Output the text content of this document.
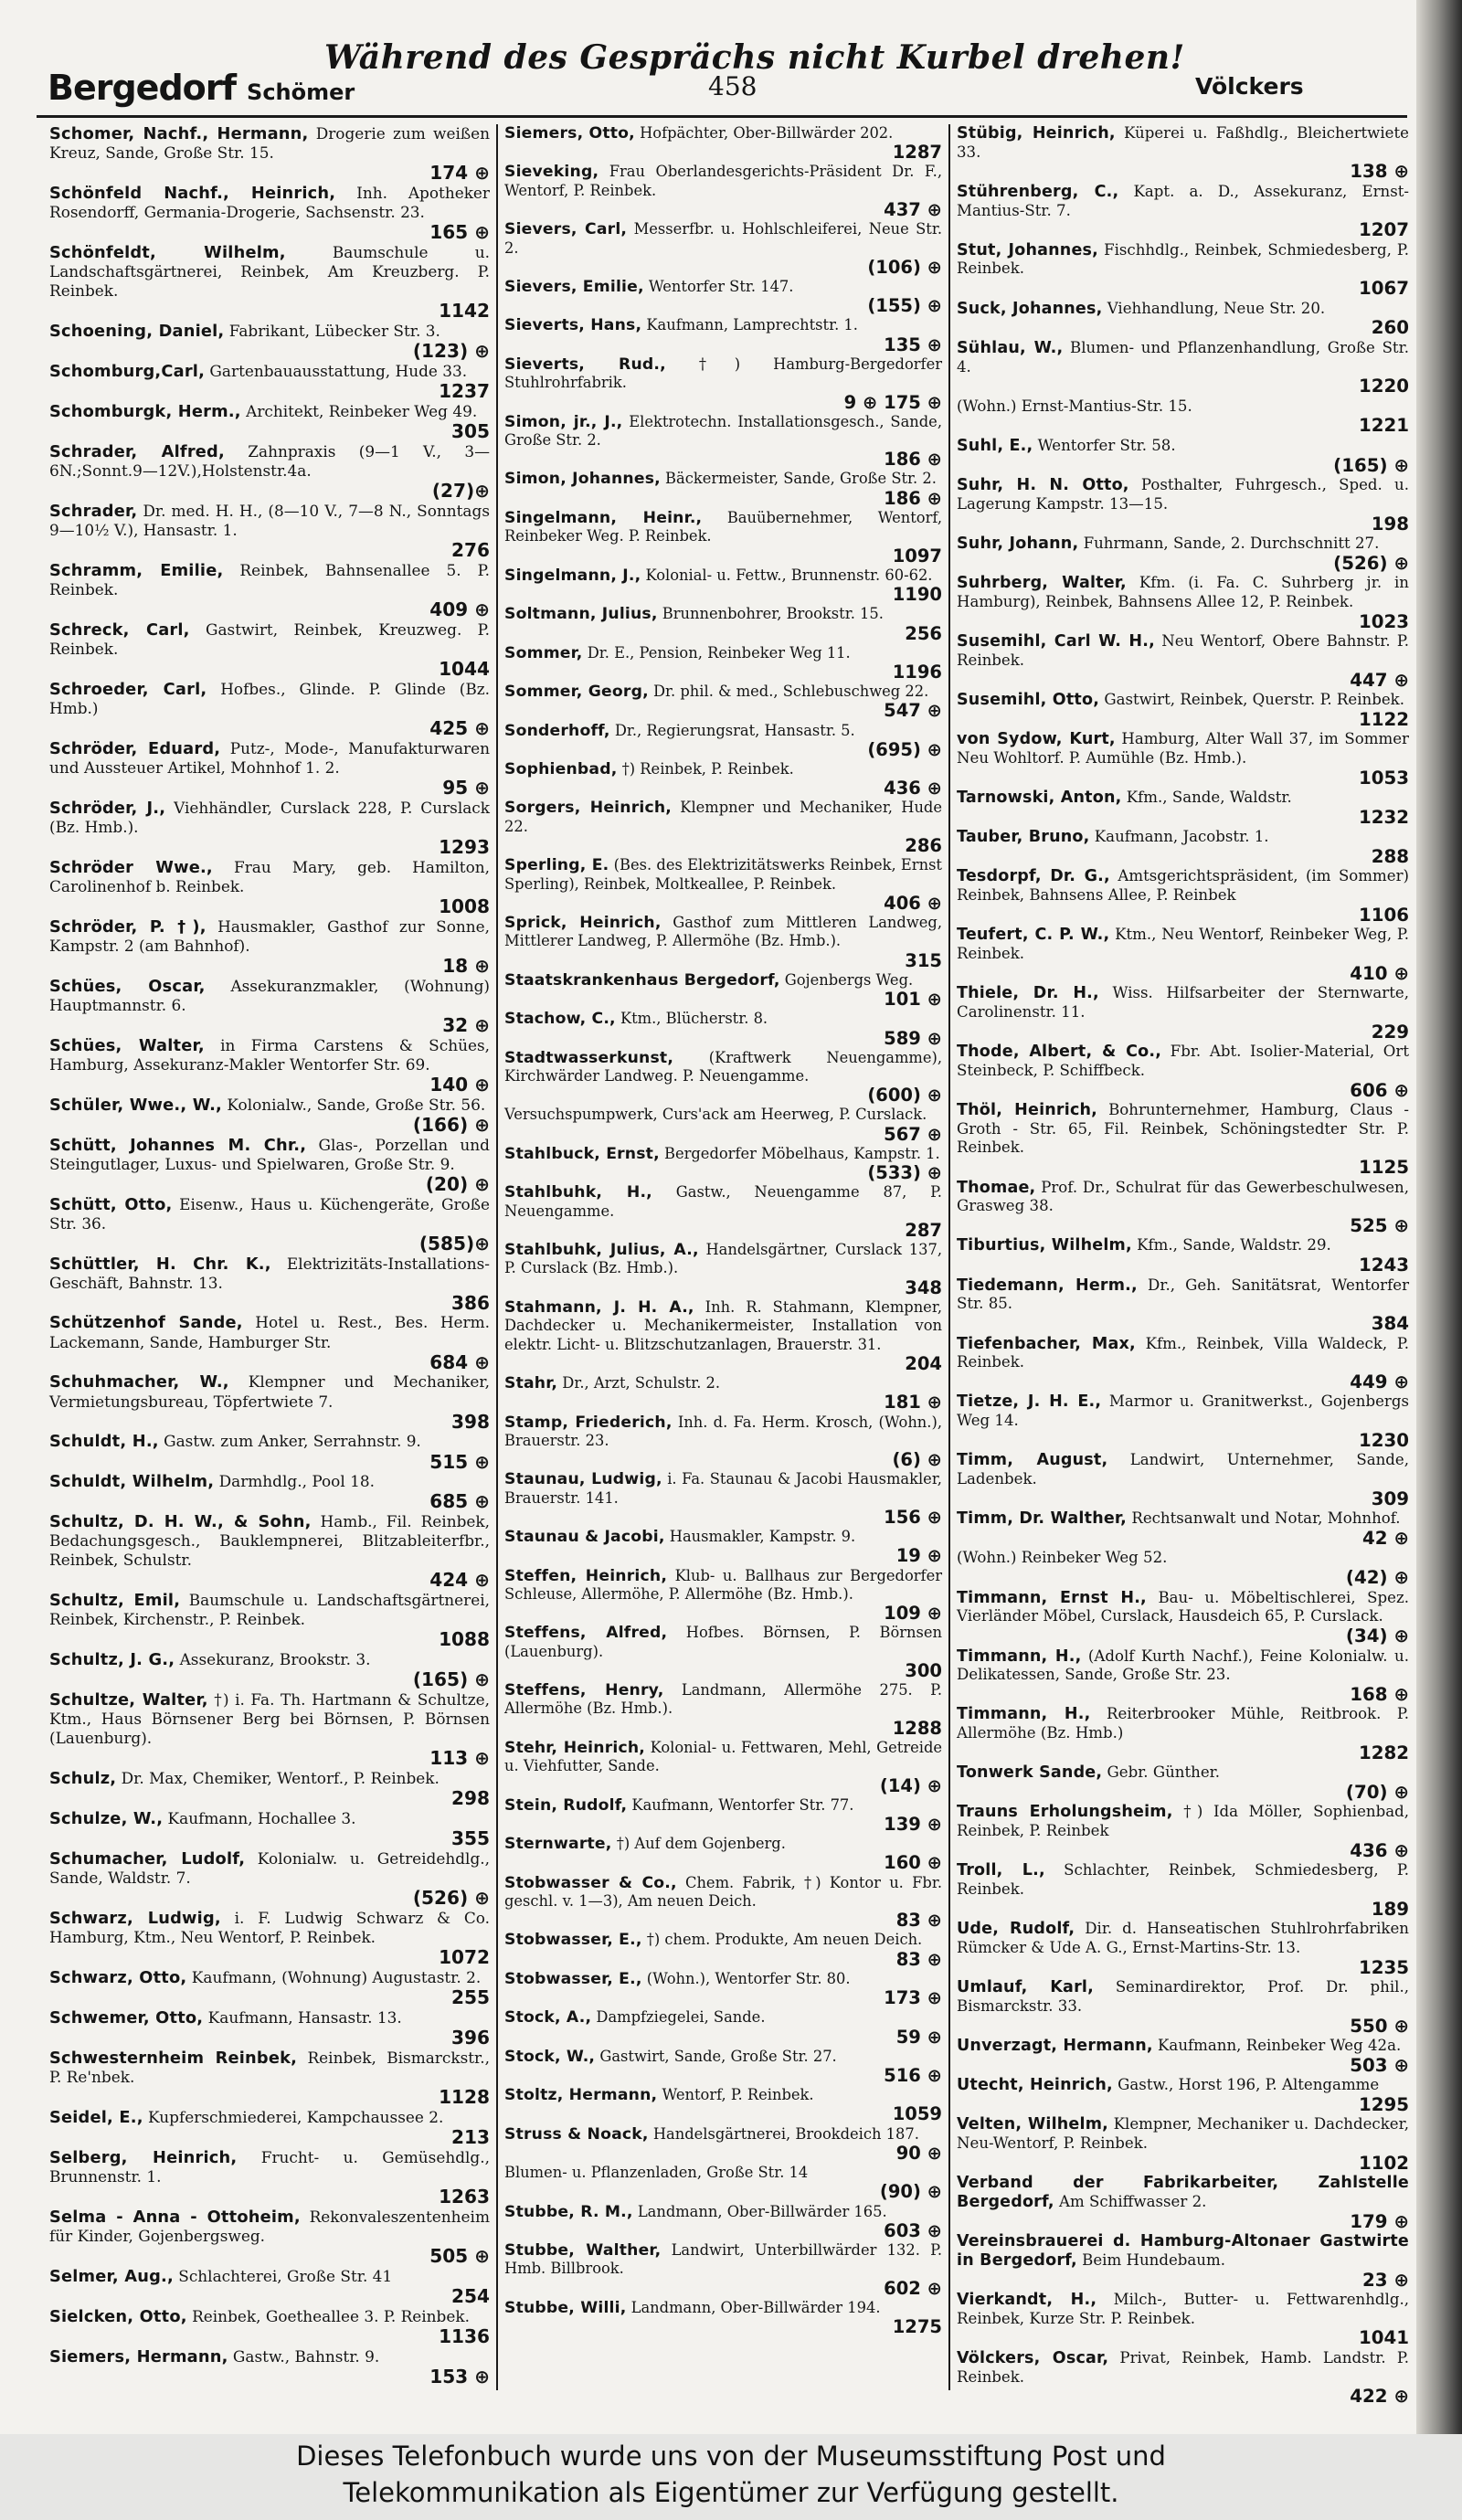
Bergedorf Schömer
Während des Gesprächs nicht Kurbel drehen!
458	Völckers
Schomer, Nachf., Hermann, Drogerie zum weißen Kreuz, Sande, Große Str. 15.
174 ⊕
Schönfeld Nachf., Heinrich, Inh. Apotheker Rosendorff, Germania-Drogerie, Sachsenstr. 23.
165 ⊕
Schönfeldt, Wilhelm, Baumschule u. Landschaftsgärtnerei, Reinbek, Am Kreuzberg. P. Reinbek.
1142
Schoening, Daniel, Fabrikant, Lübecker Str. 3.
(123) ⊕
Schomburg,Carl, Gartenbauausstattung, Hude 33.
1237
Schomburgk, Herm., Architekt, Reinbeker Weg 49.
305
Schrader, Alfred, Zahnpraxis (9—1 V., 3—6N.;Sonnt.9—12V.),Holstenstr.4a.
(27)⊕
Schrader, Dr. med. H. H., (8—10 V., 7—8 N., Sonntags 9—10½ V.), Hansastr. 1.
276
Schramm, Emilie, Reinbek, Bahnsenallee 5. P. Reinbek.
409 ⊕
Schreck, Carl, Gastwirt, Reinbek, Kreuzweg. P. Reinbek.
1044
Schroeder, Carl, Hofbes., Glinde. P. Glinde (Bz. Hmb.)
425 ⊕
Schröder, Eduard, Putz-, Mode-, Manufakturwaren und Aussteuer Artikel, Mohnhof 1. 2.
95 ⊕
Schröder, J., Viehhändler, Curslack 228, P. Curslack (Bz. Hmb.).
1293
Schröder Wwe., Frau Mary, geb. Hamilton, Carolinenhof b. Reinbek.
1008
Schröder, P. †), Hausmakler, Gasthof zur Sonne, Kampstr. 2 (am Bahnhof).
18 ⊕
Schües, Oscar, Assekuranzmakler, (Wohnung) Hauptmannstr. 6.
32 ⊕
Schües, Walter, in Firma Carstens & Schües, Hamburg, Assekuranz-Makler Wentorfer Str. 69.
140 ⊕
Schüler, Wwe., W., Kolonialw., Sande, Große Str. 56.
(166) ⊕
Schütt, Johannes M. Chr., Glas-, Porzellan und Steingutlager, Luxus- und Spielwaren, Große Str. 9.
(20) ⊕
Schütt, Otto, Eisenw., Haus u. Küchengeräte, Große Str. 36.
(585)⊕
Schüttler, H. Chr. K., Elektrizitäts-Installations-Geschäft, Bahnstr. 13.
386
Schützenhof Sande, Hotel u. Rest., Bes. Herm. Lackemann, Sande, Hamburger Str.
684 ⊕
Schuhmacher, W., Klempner und Mechaniker, Vermietungsbureau, Töpfertwiete 7.
398
Schuldt, H., Gastw. zum Anker, Serrahnstr. 9.
515 ⊕
Schuldt, Wilhelm, Darmhdlg., Pool 18.
685 ⊕
Schultz, D. H. W., & Sohn, Hamb., Fil. Reinbek, Bedachungsgesch., Bauklempnerei, Blitzableiterfbr., Reinbek, Schulstr.
424 ⊕
Schultz, Emil, Baumschule u. Landschaftsgärtnerei, Reinbek, Kirchenstr., P. Reinbek.
1088
Schultz, J. G., Assekuranz, Brookstr. 3.
(165) ⊕
Schultze, Walter, †) i. Fa. Th. Hartmann & Schultze, Ktm., Haus Börnsener Berg bei Börnsen, P. Börnsen (Lauenburg).
113 ⊕
Schulz, Dr. Max, Chemiker, Wentorf., P. Reinbek.
298
Schulze, W., Kaufmann, Hochallee 3.
355
Schumacher, Ludolf, Kolonialw. u. Getreidehdlg., Sande, Waldstr. 7.
(526) ⊕
Schwarz, Ludwig, i. F. Ludwig Schwarz & Co. Hamburg, Ktm., Neu Wentorf, P. Reinbek.
1072
Schwarz, Otto, Kaufmann, (Wohnung) Augustastr. 2.
255
Schwemer, Otto, Kaufmann, Hansastr. 13.
396
Schwesternheim Reinbek, Reinbek, Bismarckstr., P. Re'nbek.
1128
Seidel, E., Kupferschmiederei, Kampchaussee 2.
213
Selberg, Heinrich, Frucht- u. Gemüsehdlg., Brunnenstr. 1.
1263
Selma - Anna - Ottoheim, Rekonvaleszentenheim für Kinder, Gojenbergsweg.
505 ⊕
Selmer, Aug., Schlachterei, Große Str. 41
254
Sielcken, Otto, Reinbek, Goetheallee 3. P. Reinbek.
1136
Siemers, Hermann, Gastw., Bahnstr. 9.
153 ⊕
Siemers, Otto, Hofpächter, Ober-Billwärder 202.
1287
Sieveking, Frau Oberlandesgerichts-Präsident Dr. F., Wentorf, P. Reinbek.
437 ⊕
Sievers, Carl, Messerfbr. u. Hohlschleiferei, Neue Str. 2.
(106) ⊕
Sievers, Emilie, Wentorfer Str. 147.
(155) ⊕
Sieverts, Hans, Kaufmann, Lamprechtstr. 1.
135 ⊕
Sieverts, Rud., †) Hamburg-Bergedorfer Stuhlrohrfabrik.
9 ⊕ 175 ⊕
Simon, jr., J., Elektrotechn. Installationsgesch., Sande, Große Str. 2.
186 ⊕
Simon, Johannes, Bäckermeister, Sande, Große Str. 2.
186 ⊕
Singelmann, Heinr., Bauübernehmer, Wentorf, Reinbeker Weg. P. Reinbek.
1097
Singelmann, J., Kolonial- u. Fettw., Brunnenstr. 60-62.
1190
Soltmann, Julius, Brunnenbohrer, Brookstr. 15.
256
Sommer, Dr. E., Pension, Reinbeker Weg 11.
1196
Sommer, Georg, Dr. phil. & med., Schlebuschweg 22.
547 ⊕
Sonderhoff, Dr., Regierungsrat, Hansastr. 5.
(695) ⊕
Sophienbad, †) Reinbek, P. Reinbek.
436 ⊕
Sorgers, Heinrich, Klempner und Mechaniker, Hude 22.
286
Sperling, E. (Bes. des Elektrizitätswerks Reinbek, Ernst Sperling), Reinbek, Moltkeallee, P. Reinbek.
406 ⊕
Sprick, Heinrich, Gasthof zum Mittleren Landweg, Mittlerer Landweg, P. Allermöhe (Bz. Hmb.).
315
Staatskrankenhaus Bergedorf, Gojenbergs Weg.
101 ⊕
Stachow, C., Ktm., Blücherstr. 8.
589 ⊕
Stadtwasserkunst, (Kraftwerk Neuengamme), Kirchwärder Landweg. P. Neuengamme.
(600) ⊕
Versuchspumpwerk, Curs'ack am Heerweg, P. Curslack.
567 ⊕
Stahlbuck, Ernst, Bergedorfer Möbelhaus, Kampstr. 1.
(533) ⊕
Stahlbuhk, H., Gastw., Neuengamme 87, P. Neuengamme.
287
Stahlbuhk, Julius, A., Handelsgärtner, Curslack 137, P. Curslack (Bz. Hmb.).
348
Stahmann, J. H. A., Inh. R. Stahmann, Klempner, Dachdecker u. Mechanikermeister, Installation von elektr. Licht- u. Blitzschutzanlagen, Brauerstr. 31.
204
Stahr, Dr., Arzt, Schulstr. 2.
181 ⊕
Stamp, Friederich, Inh. d. Fa. Herm. Krosch, (Wohn.), Brauerstr. 23.
(6) ⊕
Staunau, Ludwig, i. Fa. Staunau & Jacobi Hausmakler, Brauerstr. 141.
156 ⊕
Staunau & Jacobi, Hausmakler, Kampstr. 9.
19 ⊕
Steffen, Heinrich, Klub- u. Ballhaus zur Bergedorfer Schleuse, Allermöhe, P. Allermöhe (Bz. Hmb.).
109 ⊕
Steffens, Alfred, Hofbes. Börnsen, P. Börnsen (Lauenburg).
300
Steffens, Henry, Landmann, Allermöhe 275. P. Allermöhe (Bz. Hmb.).
1288
Stehr, Heinrich, Kolonial- u. Fettwaren, Mehl, Getreide u. Viehfutter, Sande.
(14) ⊕
Stein, Rudolf, Kaufmann, Wentorfer Str. 77.
139 ⊕
Sternwarte, †) Auf dem Gojenberg.
160 ⊕
Stobwasser & Co., Chem. Fabrik, †) Kontor u. Fbr. geschl. v. 1—3), Am neuen Deich.
83 ⊕
Stobwasser, E., †) chem. Produkte, Am neuen Deich.
83 ⊕
Stobwasser, E., (Wohn.), Wentorfer Str. 80.
173 ⊕
Stock, A., Dampfziegelei, Sande.
59 ⊕
Stock, W., Gastwirt, Sande, Große Str. 27.
516 ⊕
Stoltz, Hermann, Wentorf, P. Reinbek.
1059
Struss & Noack, Handelsgärtnerei, Brookdeich 187.
90 ⊕
Blumen- u. Pflanzenladen, Große Str. 14
(90) ⊕
Stubbe, R. M., Landmann, Ober-Billwärder 165.
603 ⊕
Stubbe, Walther, Landwirt, Unterbillwärder 132. P. Hmb. Billbrook.
602 ⊕
Stubbe, Willi, Landmann, Ober-Billwärder 194.
1275
Stübig, Heinrich, Küperei u. Faßhdlg., Bleichertwiete 33.
138 ⊕
Stührenberg, C., Kapt. a. D., Assekuranz, Ernst-Mantius-Str. 7.
1207
Stut, Johannes, Fischhdlg., Reinbek, Schmiedesberg, P. Reinbek.
1067
Suck, Johannes, Viehhandlung, Neue Str. 20.
260
Sühlau, W., Blumen- und Pflanzenhandlung, Große Str. 4.
1220
(Wohn.) Ernst-Mantius-Str. 15.
1221
Suhl, E., Wentorfer Str. 58.
(165) ⊕
Suhr, H. N. Otto, Posthalter, Fuhrgesch., Sped. u. Lagerung Kampstr. 13—15.
198
Suhr, Johann, Fuhrmann, Sande, 2. Durchschnitt 27.
(526) ⊕
Suhrberg, Walter, Kfm. (i. Fa. C. Suhrberg jr. in Hamburg), Reinbek, Bahnsens Allee 12, P. Reinbek.
1023
Susemihl, Carl W. H., Neu Wentorf, Obere Bahnstr. P. Reinbek.
447 ⊕
Susemihl, Otto, Gastwirt, Reinbek, Querstr. P. Reinbek.
1122
von Sydow, Kurt, Hamburg, Alter Wall 37, im Sommer Neu Wohltorf. P. Aumühle (Bz. Hmb.).
1053
Tarnowski, Anton, Kfm., Sande, Waldstr.
1232
Tauber, Bruno, Kaufmann, Jacobstr. 1.
288
Tesdorpf, Dr. G., Amtsgerichtspräsident, (im Sommer) Reinbek, Bahnsens Allee, P. Reinbek
1106
Teufert, C. P. W., Ktm., Neu Wentorf, Reinbeker Weg, P. Reinbek.
410 ⊕
Thiele, Dr. H., Wiss. Hilfsarbeiter der Sternwarte, Carolinenstr. 11.
229
Thode, Albert, & Co., Fbr. Abt. Isolier-Material, Ort Steinbeck, P. Schiffbeck.
606 ⊕
Thöl, Heinrich, Bohrunternehmer, Hamburg, Claus - Groth - Str. 65, Fil. Reinbek, Schöningstedter Str. P. Reinbek.
1125
Thomae, Prof. Dr., Schulrat für das Gewerbeschulwesen, Grasweg 38.
525 ⊕
Tiburtius, Wilhelm, Kfm., Sande, Waldstr. 29.
1243
Tiedemann, Herm., Dr., Geh. Sanitätsrat, Wentorfer Str. 85.
384
Tiefenbacher, Max, Kfm., Reinbek, Villa Waldeck, P. Reinbek.
449 ⊕
Tietze, J. H. E., Marmor u. Granitwerkst., Gojenbergs Weg 14.
1230
Timm, August, Landwirt, Unternehmer, Sande, Ladenbek.
309
Timm, Dr. Walther, Rechtsanwalt und Notar, Mohnhof.
42 ⊕
(Wohn.) Reinbeker Weg 52.
(42) ⊕
Timmann, Ernst H., Bau- u. Möbeltischlerei, Spez. Vierländer Möbel, Curslack, Hausdeich 65, P. Curslack.
(34) ⊕
Timmann, H., (Adolf Kurth Nachf.), Feine Kolonialw. u. Delikatessen, Sande, Große Str. 23.
168 ⊕
Timmann, H., Reiterbrooker Mühle, Reitbrook. P. Allermöhe (Bz. Hmb.)
1282
Tonwerk Sande, Gebr. Günther.
(70) ⊕
Trauns Erholungsheim, †) Ida Möller, Sophienbad, Reinbek, P. Reinbek
436 ⊕
Troll, L., Schlachter, Reinbek, Schmiedesberg, P. Reinbek.
189
Ude, Rudolf, Dir. d. Hanseatischen Stuhlrohrfabriken Rümcker & Ude A. G., Ernst-Martins-Str. 13.
1235
Umlauf, Karl, Seminardirektor, Prof. Dr. phil., Bismarckstr. 33.
550 ⊕
Unverzagt, Hermann, Kaufmann, Reinbeker Weg 42a.
503 ⊕
Utecht, Heinrich, Gastw., Horst 196, P. Altengamme
1295
Velten, Wilhelm, Klempner, Mechaniker u. Dachdecker, Neu-Wentorf, P. Reinbek.
1102
Verband der Fabrikarbeiter, Zahlstelle Bergedorf, Am Schiffwasser 2.
179 ⊕
Vereinsbrauerei d. Hamburg-Altonaer Gastwirte in Bergedorf, Beim Hundebaum.
23 ⊕
Vierkandt, H., Milch-, Butter- u. Fettwarenhdlg., Reinbek, Kurze Str. P. Reinbek.
1041
Völckers, Oscar, Privat, Reinbek, Hamb. Landstr. P. Reinbek.
422 ⊕
Dieses Telefonbuch wurde uns von der Museumsstiftung Post und
Telekommunikation als Eigentümer zur Verfügung gestellt.
